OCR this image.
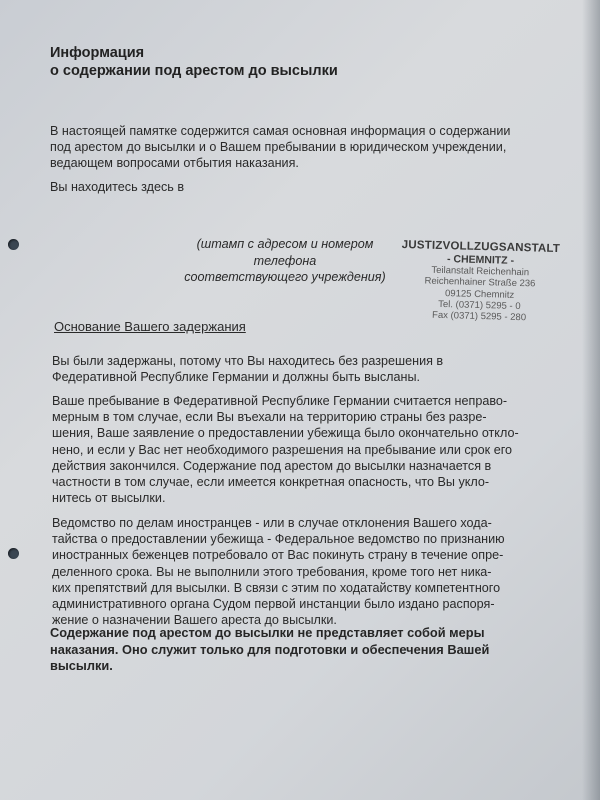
Информация
о содержании под арестом до высылки
В настоящей памятке содержится самая основная информация о содержании
под арестом до высылки и о Вашем пребывании в юридическом учреждении,
ведающем вопросами отбытия наказания.
Вы находитесь здесь в
(штамп с адресом и номером телефона
соответствующего учреждения)
JUSTIZVOLLZUGSANSTALT
- CHEMNITZ -
Teilanstalt Reichenhain
Reichenhainer Straße 236
09125 Chemnitz
Tel. (0371) 5295 - 0
Fax (0371) 5295 - 280
Основание Вашего задержания
Вы были задержаны, потому что Вы находитесь без разрешения в
Федеративной Республике Германии и должны быть высланы.
Ваше пребывание в Федеративной Республике Германии считается неправо-
мерным в том случае, если Вы въехали на территорию страны без разре-
шения, Ваше заявление о предоставлении убежища было окончательно откло-
нено, и если у Вас нет необходимого разрешения на пребывание или срок его
действия закончился. Содержание под арестом до высылки назначается в
частности в том случае, если имеется конкретная опасность, что Вы укло-
нитесь от высылки.
Ведомство по делам иностранцев - или в случае отклонения Вашего хода-
тайства о предоставлении убежища - Федеральное ведомство по признанию
иностранных беженцев потребовало от Вас покинуть страну в течение опре-
деленного срока. Вы не выполнили этого требования, кроме того нет никa-
ких препятствий для высылки. В связи с этим по ходатайству компетентного
административного органа Судом первой инстанции было издано распоря-
жение о назначении Вашего ареста до высылки.
Содержание под арестом до высылки не представляет собой меры
наказания. Оно служит только для подготовки и обеспечения Вашей
высылки.
